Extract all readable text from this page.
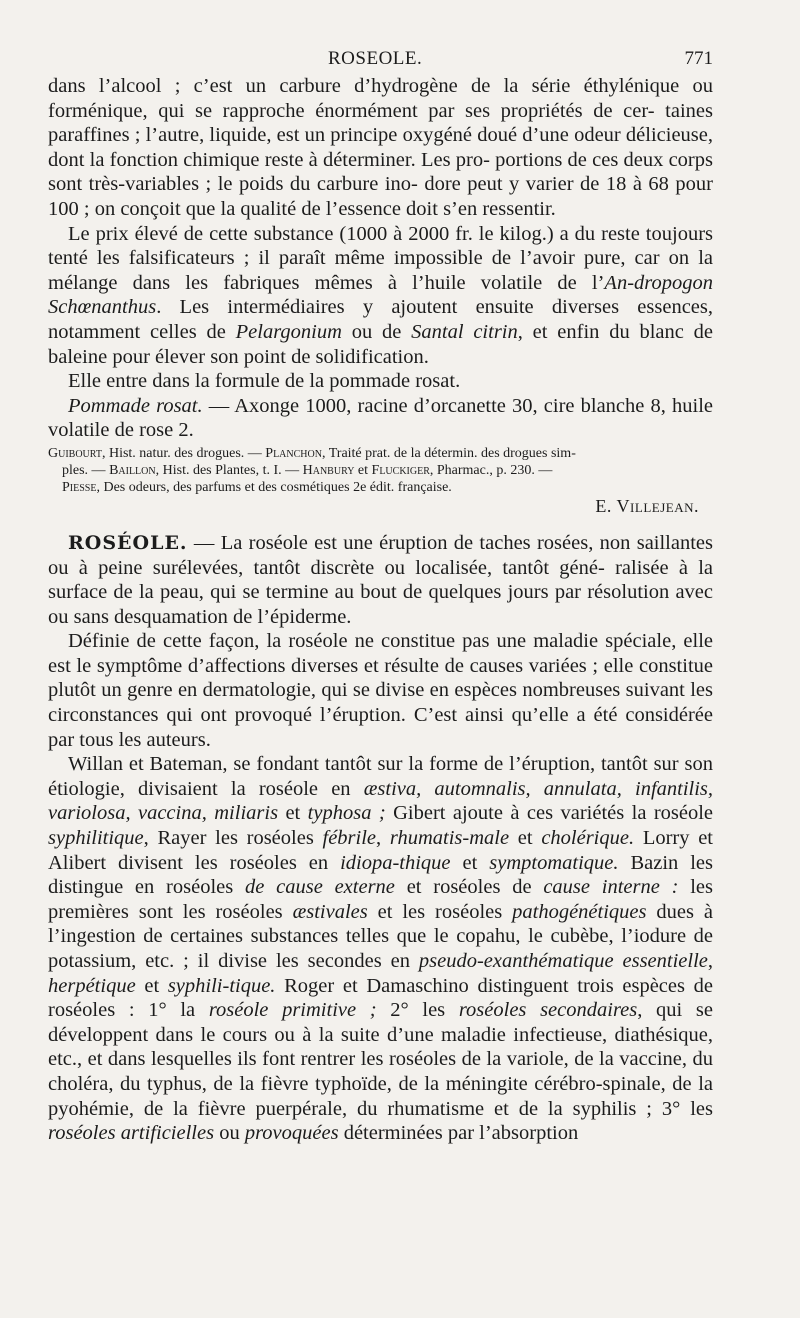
ROSEOLE.	771

dans l’alcool ; c’est un carbure d’hydrogène de la série éthylénique ou forménique, qui se rapproche énormément par ses propriétés de cer- taines paraffines ; l’autre, liquide, est un principe oxygéné doué d’une odeur délicieuse, dont la fonction chimique reste à déterminer. Les pro- portions de ces deux corps sont très-variables ; le poids du carbure ino- dore peut y varier de 18 à 68 pour 100 ; on conçoit que la qualité de l’essence doit s’en ressentir.

Le prix élevé de cette substance (1000 à 2000 fr. le kilog.) a du reste toujours tenté les falsificateurs ; il paraît même impossible de l’avoir pure, car on la mélange dans les fabriques mêmes à l’huile volatile de l’An-dropogon Schœnanthus. Les intermédiaires y ajoutent ensuite diverses essences, notamment celles de Pelargonium ou de Santal citrin, et enfin du blanc de baleine pour élever son point de solidification.

Elle entre dans la formule de la pommade rosat.

Pommade rosat. — Axonge 1000, racine d’orcanette 30, cire blanche 8, huile volatile de rose 2.

Guibourt, Hist. natur. des drogues. — Planchon, Traité prat. de la détermin. des drogues sim-
ples. — Baillon, Hist. des Plantes, t. I. — Hanbury et Fluckiger, Pharmac., p. 230. —
Piesse, Des odeurs, des parfums et des cosmétiques 2e édit. française.
E. Villejean.

ROSÉOLE. — La roséole est une éruption de taches rosées, non saillantes ou à peine surélevées, tantôt discrète ou localisée, tantôt géné- ralisée à la surface de la peau, qui se termine au bout de quelques jours par résolution avec ou sans desquamation de l’épiderme.

Définie de cette façon, la roséole ne constitue pas une maladie spéciale, elle est le symptôme d’affections diverses et résulte de causes variées ; elle constitue plutôt un genre en dermatologie, qui se divise en espèces nombreuses suivant les circonstances qui ont provoqué l’éruption. C’est ainsi qu’elle a été considérée par tous les auteurs.

Willan et Bateman, se fondant tantôt sur la forme de l’éruption, tantôt sur son étiologie, divisaient la roséole en æstiva, automnalis, annulata, infantilis, variolosa, vaccina, miliaris et typhosa ; Gibert ajoute à ces variétés la roséole syphilitique, Rayer les roséoles fébrile, rhumatis-male et cholérique. Lorry et Alibert divisent les roséoles en idiopa-thique et symptomatique. Bazin les distingue en roséoles de cause externe et roséoles de cause interne : les premières sont les roséoles æstivales et les roséoles pathogénétiques dues à l’ingestion de certaines substances telles que le copahu, le cubèbe, l’iodure de potassium, etc. ; il divise les secondes en pseudo-exanthématique essentielle, herpétique et syphili-tique. Roger et Damaschino distinguent trois espèces de roséoles : 1° la roséole primitive ; 2° les roséoles secondaires, qui se développent dans le cours ou à la suite d’une maladie infectieuse, diathésique, etc., et dans lesquelles ils font rentrer les roséoles de la variole, de la vaccine, du choléra, du typhus, de la fièvre typhoïde, de la méningite cérébro-spinale, de la pyohémie, de la fièvre puerpérale, du rhumatisme et de la syphilis ; 3° les roséoles artificielles ou provoquées déterminées par l’absorption
